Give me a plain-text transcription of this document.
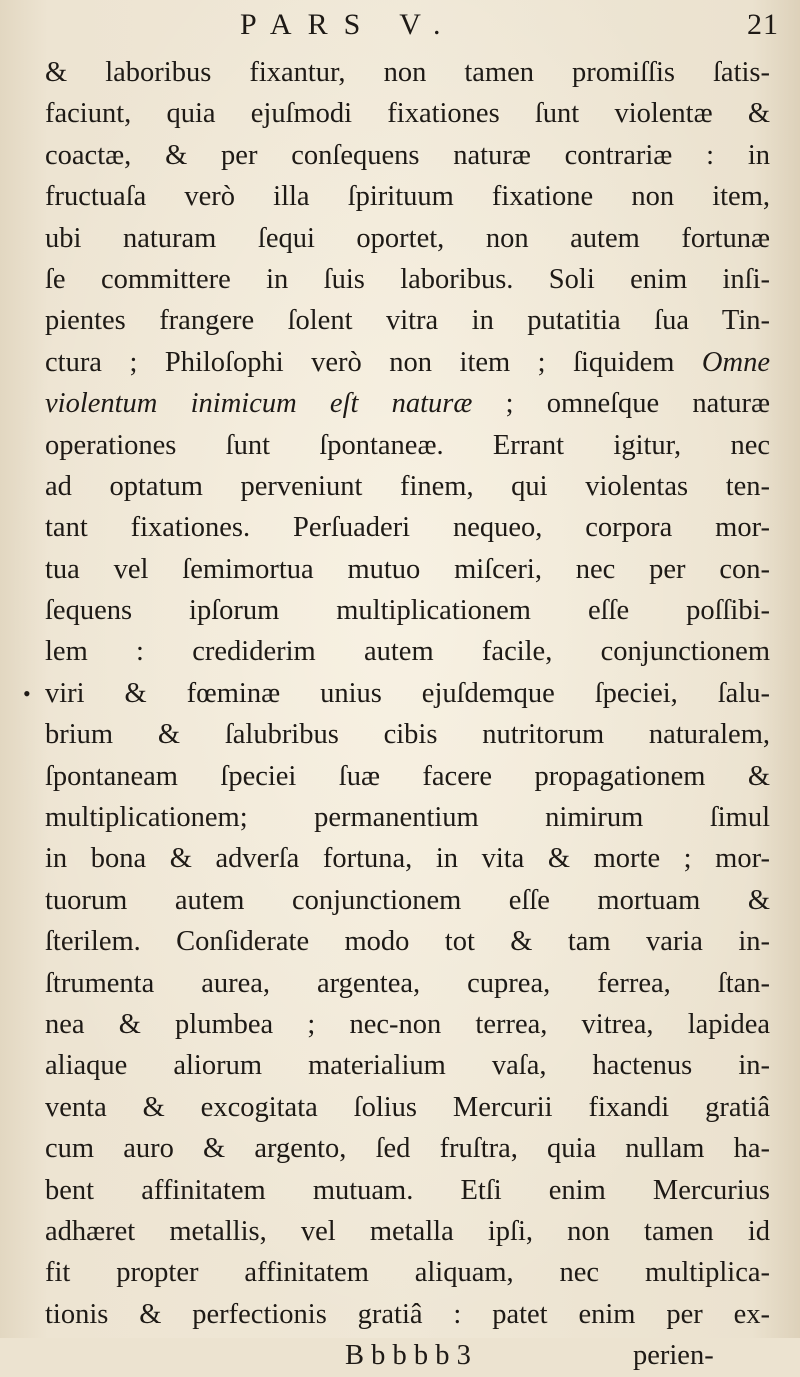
PARS V.	21
& laboribus fixantur, non tamen promiſſis ſatis-
faciunt, quia ejuſmodi fixationes ſunt violentæ &
coactæ, & per conſequens naturæ contrariæ : in
fructuaſa verò illa ſpirituum fixatione non item,
ubi naturam ſequi oportet, non autem fortunæ
ſe committere in ſuis laboribus. Soli enim inſi-
pientes frangere ſolent vitra in putatitia ſua Tin-
ctura ; Philoſophi verò non item ; ſiquidem Omne
violentum inimicum eſt naturæ ; omneſque naturæ
operationes ſunt ſpontaneæ. Errant igitur, nec
ad optatum perveniunt finem, qui violentas ten-
tant fixationes. Perſuaderi nequeo, corpora mor-
tua vel ſemimortua mutuo miſceri, nec per con-
ſequens ipſorum multiplicationem eſſe poſſibi-
lem : crediderim autem facile, conjunctionem
• viri & fœminæ unius ejuſdemque ſpeciei, ſalu-
brium & ſalubribus cibis nutritorum naturalem,
ſpontaneam ſpeciei ſuæ facere propagationem &
multiplicationem; permanentium nimirum ſimul
in bona & adverſa fortuna, in vita & morte ; mor-
tuorum autem conjunctionem eſſe mortuam &
ſterilem. Conſiderate modo tot & tam varia in-
ſtrumenta aurea, argentea, cuprea, ferrea, ſtan-
nea & plumbea ; nec-non terrea, vitrea, lapidea
aliaque aliorum materialium vaſa, hactenus in-
venta & excogitata ſolius Mercurii fixandi gratiâ
cum auro & argento, ſed fruſtra, quia nullam ha-
bent affinitatem mutuam. Etſi enim Mercurius
adhæret metallis, vel metalla ipſi, non tamen id
fit propter affinitatem aliquam, nec multiplica-
tionis & perfectionis gratiâ : patet enim per ex-
B b b b b 3	perien-
